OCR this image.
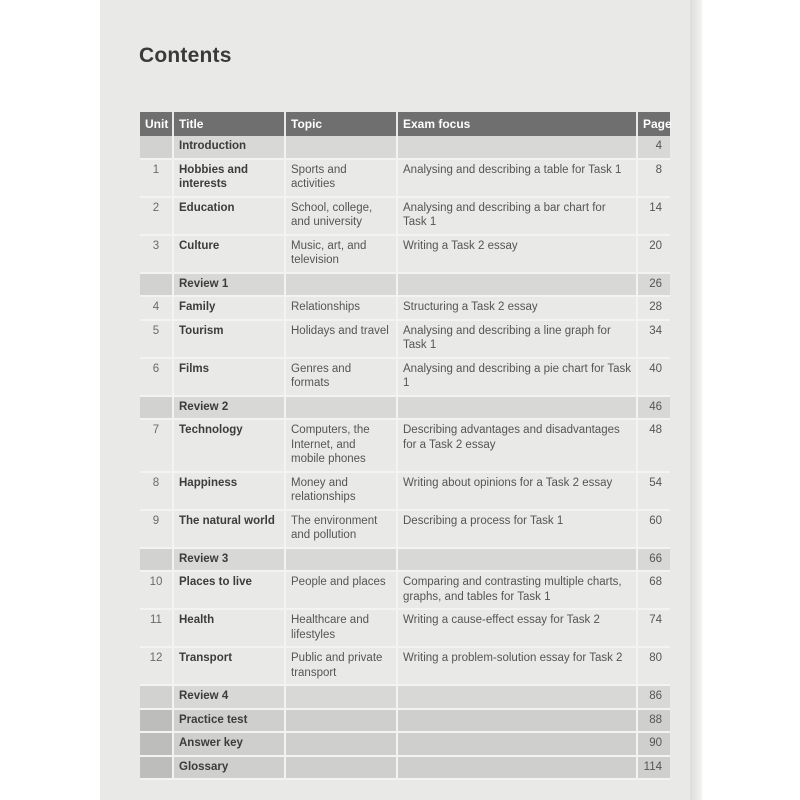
Contents
Unit	Title	Topic	Exam focus	Page
	Introduction			4
1	Hobbies and interests	Sports and activities	Analysing and describing a table for Task 1	8
2	Education	School, college, and university	Analysing and describing a bar chart for Task 1	14
3	Culture	Music, art, and television	Writing a Task 2 essay	20
	Review 1			26
4	Family	Relationships	Structuring a Task 2 essay	28
5	Tourism	Holidays and travel	Analysing and describing a line graph for Task 1	34
6	Films	Genres and formats	Analysing and describing a pie chart for Task 1	40
	Review 2			46
7	Technology	Computers, the Internet, and mobile phones	Describing advantages and disadvantages for a Task 2 essay	48
8	Happiness	Money and relationships	Writing about opinions for a Task 2 essay	54
9	The natural world	The environment and pollution	Describing a process for Task 1	60
	Review 3			66
10	Places to live	People and places	Comparing and contrasting multiple charts, graphs, and tables for Task 1	68
11	Health	Healthcare and lifestyles	Writing a cause-effect essay for Task 2	74
12	Transport	Public and private transport	Writing a problem-solution essay for Task 2	80
	Review 4			86
	Practice test			88
	Answer key			90
	Glossary			114
